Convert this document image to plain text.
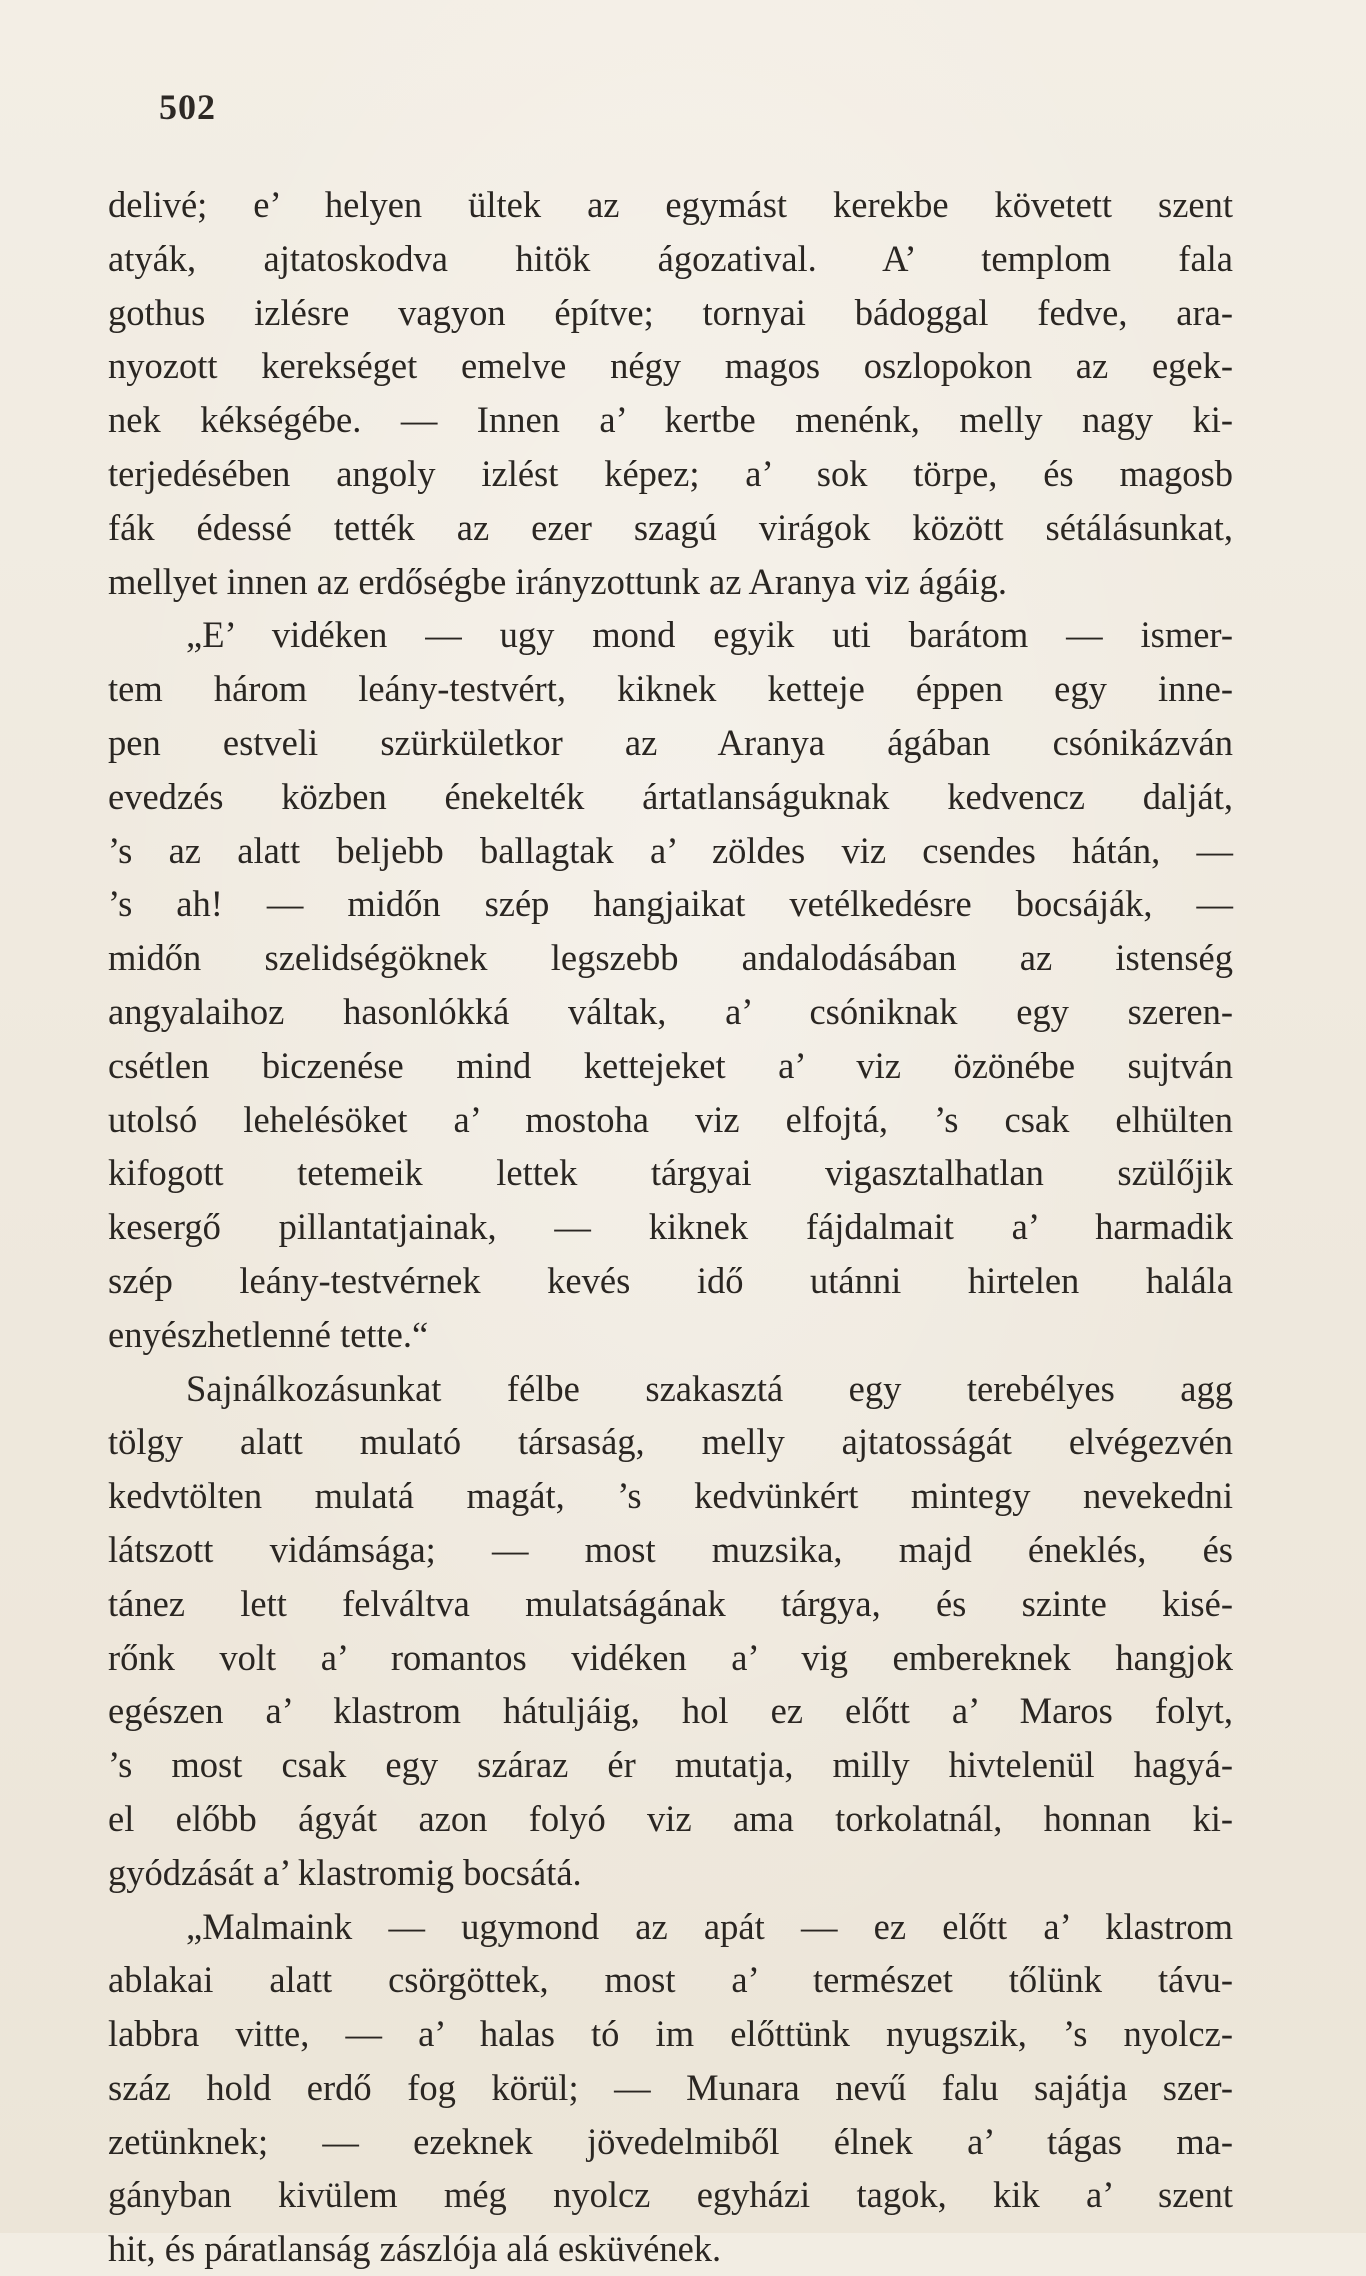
502
delivé; e’ helyen ültek az egymást kerekbe követett szent
atyák, ajtatoskodva hitök ágozatival. A’ templom fala
gothus izlésre vagyon építve; tornyai bádoggal fedve, ara-
nyozott kerekséget emelve négy magos oszlopokon az egek-
nek kékségébe. — Innen a’ kertbe menénk, melly nagy ki-
terjedésében angoly izlést képez; a’ sok törpe, és magosb
fák édessé tették az ezer szagú virágok között sétálásunkat,
mellyet innen az erdőségbe irányzottunk az Aranya viz ágáig.
„E’ vidéken — ugy mond egyik uti barátom — ismer-
tem három leány-testvért, kiknek ketteje éppen egy inne-
pen estveli szürkületkor az Aranya ágában csónikázván
evedzés közben énekelték ártatlanságuknak kedvencz dalját,
’s az alatt beljebb ballagtak a’ zöldes viz csendes hátán, —
’s ah! — midőn szép hangjaikat vetélkedésre bocsáják, —
midőn szelidségöknek legszebb andalodásában az istenség
angyalaihoz hasonlókká váltak, a’ csóniknak egy szeren-
csétlen biczenése mind kettejeket a’ viz özönébe sujtván
utolsó lehelésöket a’ mostoha viz elfojtá, ’s csak elhülten
kifogott tetemeik lettek tárgyai vigasztalhatlan szülőjik
kesergő pillantatjainak, — kiknek fájdalmait a’ harmadik
szép leány-testvérnek kevés idő utánni hirtelen halála
enyészhetlenné tette.“
Sajnálkozásunkat félbe szakasztá egy terebélyes agg
tölgy alatt mulató társaság, melly ajtatosságát elvégezvén
kedvtölten mulatá magát, ’s kedvünkért mintegy nevekedni
látszott vidámsága; — most muzsika, majd éneklés, és
tánez lett felváltva mulatságának tárgya, és szinte kisé-
rőnk volt a’ romantos vidéken a’ vig embereknek hangjok
egészen a’ klastrom hátuljáig, hol ez előtt a’ Maros folyt,
’s most csak egy száraz ér mutatja, milly hivtelenül hagyá-
el előbb ágyát azon folyó viz ama torkolatnál, honnan ki-
gyódzását a’ klastromig bocsátá.
„Malmaink — ugymond az apát — ez előtt a’ klastrom
ablakai alatt csörgöttek, most a’ természet tőlünk távu-
labbra vitte, — a’ halas tó im előttünk nyugszik, ’s nyolcz-
száz hold erdő fog körül; — Munara nevű falu sajátja szer-
zetünknek; — ezeknek jövedelmiből élnek a’ tágas ma-
gányban kivülem még nyolcz egyházi tagok, kik a’ szent
hit, és páratlanság zászlója alá esküvének.
